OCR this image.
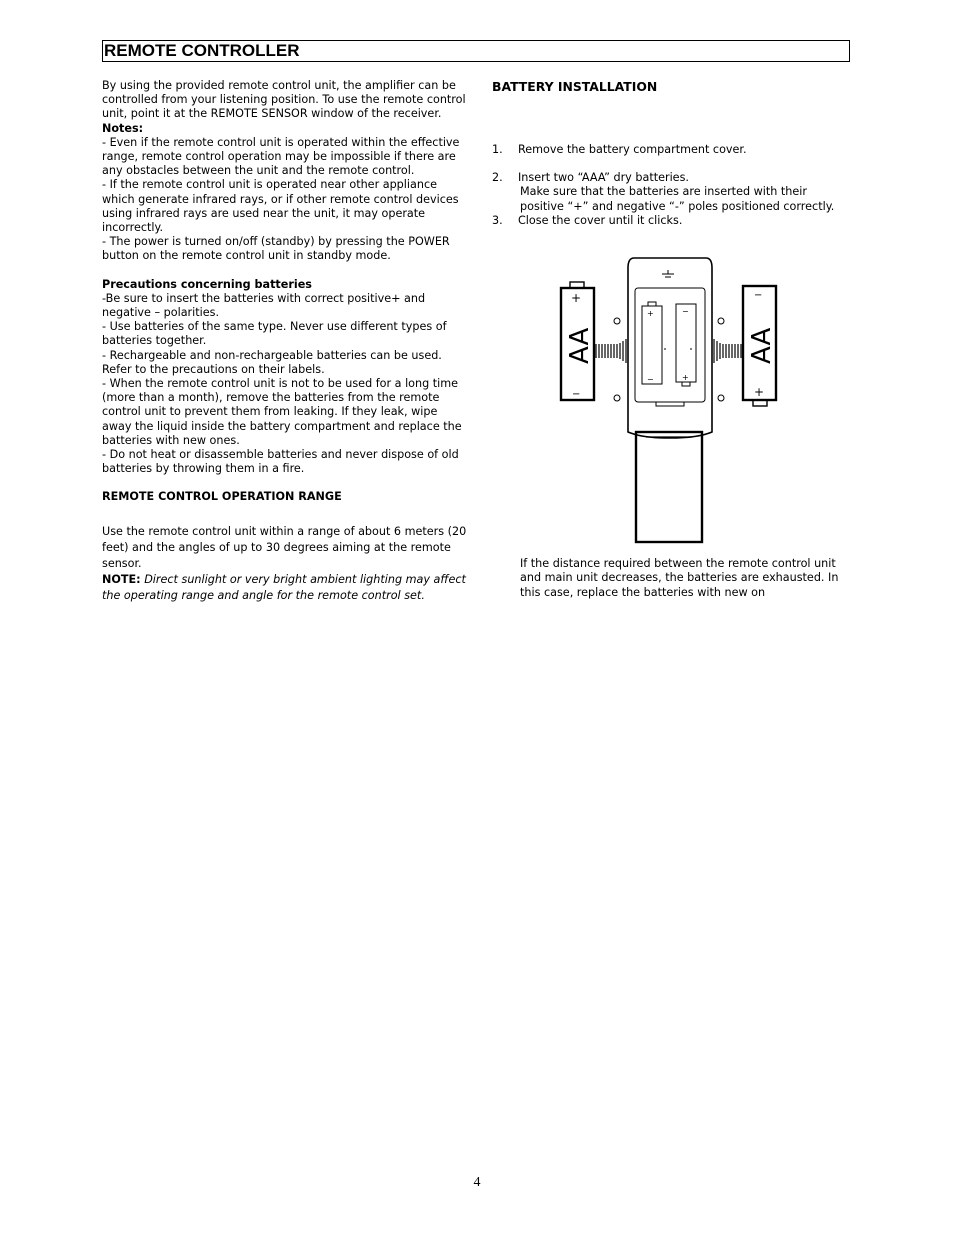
REMOTE CONTROLLER

By using the provided remote control unit, the amplifier can be controlled from your listening position. To use the remote control unit, point it at the REMOTE SENSOR window of the receiver.

Notes:

- Even if the remote control unit is operated within the effective range, remote control operation may be impossible if there are any obstacles between the unit and the remote control.

- If the remote control unit is operated near other appliance which generate infrared rays, or if other remote control devices using infrared rays are used near the unit, it may operate incorrectly.

- The power is turned on/off (standby) by pressing the POWER button on the remote control unit in standby mode.

Precautions concerning batteries

-Be sure to insert the batteries with correct positive+ and negative – polarities.

- Use batteries of the same type. Never use different types of batteries together.

- Rechargeable and non-rechargeable batteries can be used. Refer to the precautions on their labels.

- When the remote control unit is not to be used for a long time (more than a month), remove the batteries from the remote control unit to prevent them from leaking. If they leak, wipe away the liquid inside the battery compartment and replace the batteries with new ones.

- Do not heat or disassemble batteries and never dispose of old batteries by throwing them in a fire.

REMOTE CONTROL OPERATION RANGE

Use the remote control unit within a range of about 6 meters (20 feet) and the angles of up to 30 degrees aiming at the remote sensor.

NOTE: Direct sunlight or very bright ambient lighting may affect the operating range and angle for the remote control set.

BATTERY INSTALLATION

1.	Remove the battery compartment cover.
2.	Insert two “AAA” dry batteries.

Make sure that the batteries are inserted with their positive “+” and negative “-” poles positioned correctly.

3.	Close the cover until it clicks.
+
−
−
+
+
−
AA
−
+
AA
If the distance required between the remote control unit and main unit decreases, the batteries are exhausted. In this case, replace the batteries with new on
4
